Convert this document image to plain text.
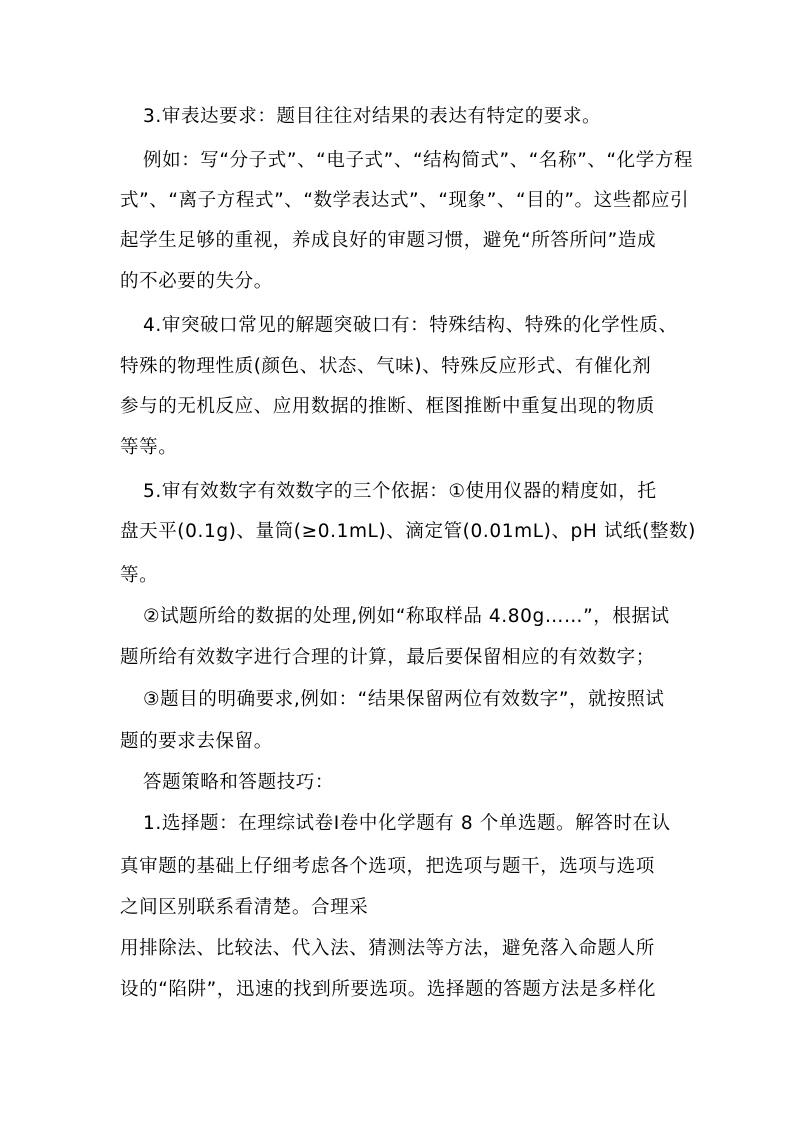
3.审表达要求：题目往往对结果的表达有特定的要求。
例如：写“分子式”、“电子式”、“结构简式”、“名称”、“化学方程
式”、“离子方程式”、“数学表达式”、“现象”、“目的”。这些都应引
起学生足够的重视，养成良好的审题习惯，避免“所答所问”造成
的不必要的失分。
4.审突破口常见的解题突破口有：特殊结构、特殊的化学性质、
特殊的物理性质(颜色、状态、气味)、特殊反应形式、有催化剂
参与的无机反应、应用数据的推断、框图推断中重复出现的物质
等等。
5.审有效数字有效数字的三个依据：①使用仪器的精度如，托
盘天平(0.1g)、量筒(≥0.1mL)、滴定管(0.01mL)、pH 试纸(整数)
等。
②试题所给的数据的处理,例如“称取样品 4.80g……”，根据试
题所给有效数字进行合理的计算，最后要保留相应的有效数字；
③题目的明确要求,例如：“结果保留两位有效数字”，就按照试
题的要求去保留。
答题策略和答题技巧：
1.选择题：在理综试卷Ⅰ卷中化学题有 8 个单选题。解答时在认
真审题的基础上仔细考虑各个选项，把选项与题干，选项与选项
之间区别联系看清楚。合理采
用排除法、比较法、代入法、猜测法等方法，避免落入命题人所
设的“陷阱”，迅速的找到所要选项。选择题的答题方法是多样化
